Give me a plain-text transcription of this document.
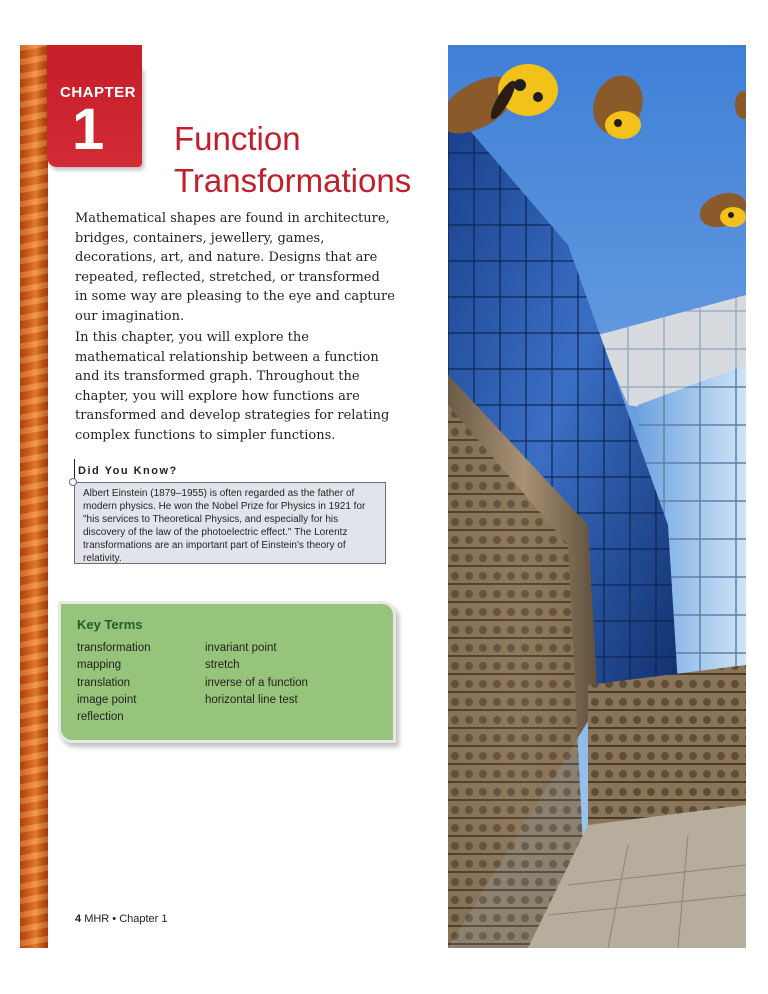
CHAPTER
1 Function Transformations

Mathematical shapes are found in architecture, bridges, containers, jewellery, games, decorations, art, and nature. Designs that are repeated, reflected, stretched, or transformed in some way are pleasing to the eye and capture our imagination.

In this chapter, you will explore the mathematical relationship between a function and its transformed graph. Throughout the chapter, you will explore how functions are transformed and develop strategies for relating complex functions to simpler functions.

Did You Know?
Albert Einstein (1879–1955) is often regarded as the father of modern physics. He won the Nobel Prize for Physics in 1921 for "his services to Theoretical Physics, and especially for his discovery of the law of the photoelectric effect." The Lorentz transformations are an important part of Einstein's theory of relativity.
Key Terms
transformation
mapping
translation
image point
reflection
invariant point
stretch
inverse of a function
horizontal line test
4 MHR • Chapter 1
